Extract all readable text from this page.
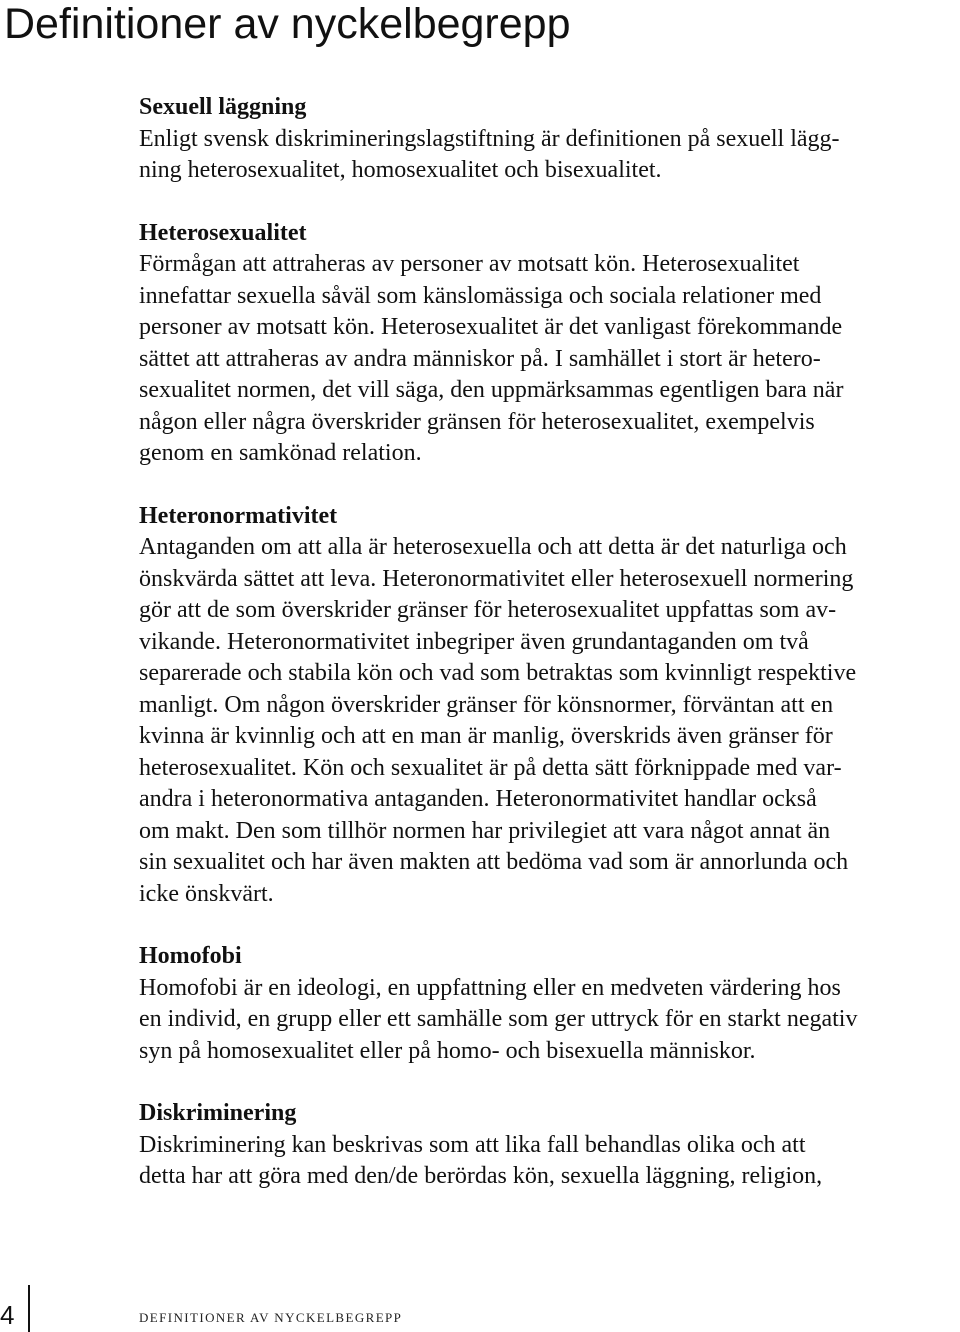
Definitioner av nyckelbegrepp
Sexuell läggning
Enligt svensk diskrimineringslagstiftning är definitionen på sexuell lägg-
ning heterosexualitet, homosexualitet och bisexualitet.
Heterosexualitet
Förmågan att attraheras av personer av motsatt kön. Heterosexualitet
innefattar sexuella såväl som känslomässiga och sociala relationer med
personer av motsatt kön. Heterosexualitet är det vanligast förekommande
sättet att attraheras av andra människor på. I samhället i stort är hetero-
sexualitet normen, det vill säga, den uppmärksammas egentligen bara när
någon eller några överskrider gränsen för heterosexualitet, exempelvis
genom en samkönad relation.
Heteronormativitet
Antaganden om att alla är heterosexuella och att detta är det naturliga och
önskvärda sättet att leva. Heteronormativitet eller heterosexuell normering
gör att de som överskrider gränser för heterosexualitet uppfattas som av-
vikande. Heteronormativitet inbegriper även grundantaganden om två
separerade och stabila kön och vad som betraktas som kvinnligt respektive
manligt. Om någon överskrider gränser för könsnormer, förväntan att en
kvinna är kvinnlig och att en man är manlig, överskrids även gränser för
heterosexualitet. Kön och sexualitet är på detta sätt förknippade med var-
andra i heteronormativa antaganden. Heteronormativitet handlar också
om makt. Den som tillhör normen har privilegiet att vara något annat än
sin sexualitet och har även makten att bedöma vad som är annorlunda och
icke önskvärt.
Homofobi
Homofobi är en ideologi, en uppfattning eller en medveten värdering hos
en individ, en grupp eller ett samhälle som ger uttryck för en starkt negativ
syn på homosexualitet eller på homo- och bisexuella människor.
Diskriminering
Diskriminering kan beskrivas som att lika fall behandlas olika och att
detta har att göra med den/de berördas kön, sexuella läggning, religion,
4	DEFINITIONER AV NYCKELBEGREPP
